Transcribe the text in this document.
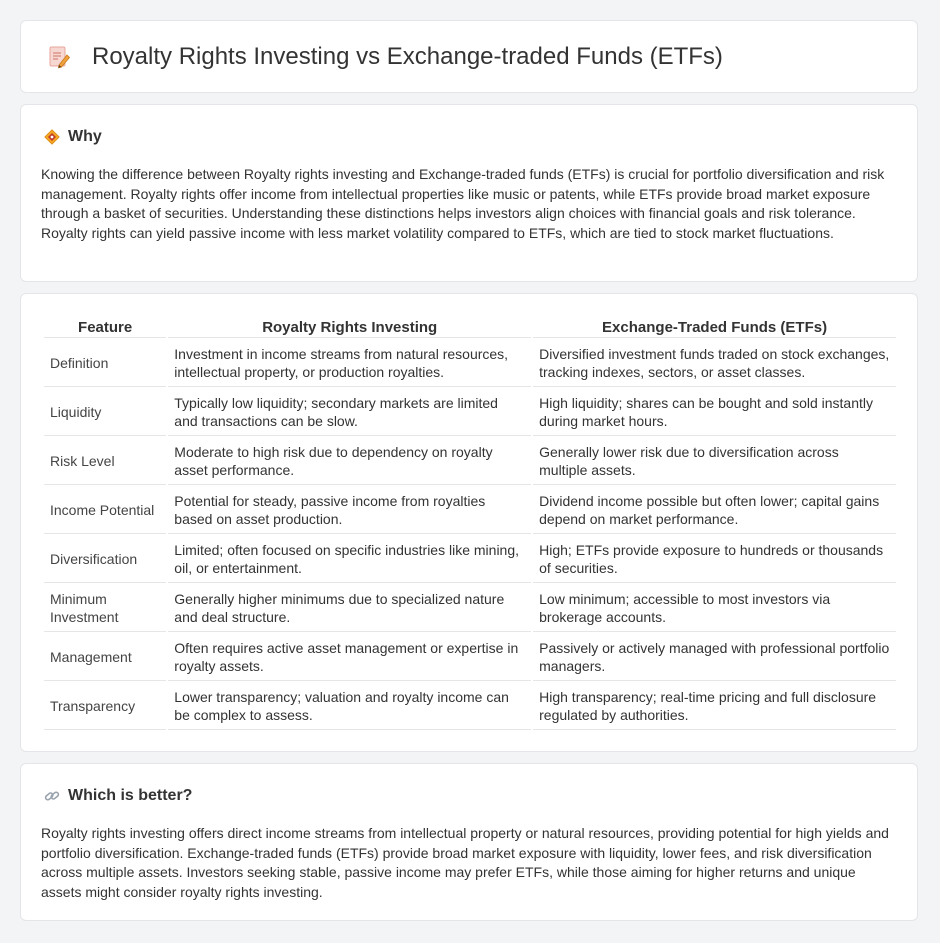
Royalty Rights Investing vs Exchange-traded Funds (ETFs)
Why

Knowing the difference between Royalty rights investing and Exchange-traded funds (ETFs) is crucial for portfolio diversification and risk management. Royalty rights offer income from intellectual properties like music or patents, while ETFs provide broad market exposure through a basket of securities. Understanding these distinctions helps investors align choices with financial goals and risk tolerance. Royalty rights can yield passive income with less market volatility compared to ETFs, which are tied to stock market fluctuations.

Feature	Royalty Rights Investing	Exchange-Traded Funds (ETFs)
Definition	Investment in income streams from natural resources, intellectual property, or production royalties.	Diversified investment funds traded on stock exchanges, tracking indexes, sectors, or asset classes.
Liquidity	Typically low liquidity; secondary markets are limited and transactions can be slow.	High liquidity; shares can be bought and sold instantly during market hours.
Risk Level	Moderate to high risk due to dependency on royalty asset performance.	Generally lower risk due to diversification across multiple assets.
Income Potential	Potential for steady, passive income from royalties based on asset production.	Dividend income possible but often lower; capital gains depend on market performance.
Diversification	Limited; often focused on specific industries like mining, oil, or entertainment.	High; ETFs provide exposure to hundreds or thousands of securities.
Minimum Investment	Generally higher minimums due to specialized nature and deal structure.	Low minimum; accessible to most investors via brokerage accounts.
Management	Often requires active asset management or expertise in royalty assets.	Passively or actively managed with professional portfolio managers.
Transparency	Lower transparency; valuation and royalty income can be complex to assess.	High transparency; real-time pricing and full disclosure regulated by authorities.
Which is better?

Royalty rights investing offers direct income streams from intellectual property or natural resources, providing potential for high yields and portfolio diversification. Exchange-traded funds (ETFs) provide broad market exposure with liquidity, lower fees, and risk diversification across multiple assets. Investors seeking stable, passive income may prefer ETFs, while those aiming for higher returns and unique assets might consider royalty rights investing.
